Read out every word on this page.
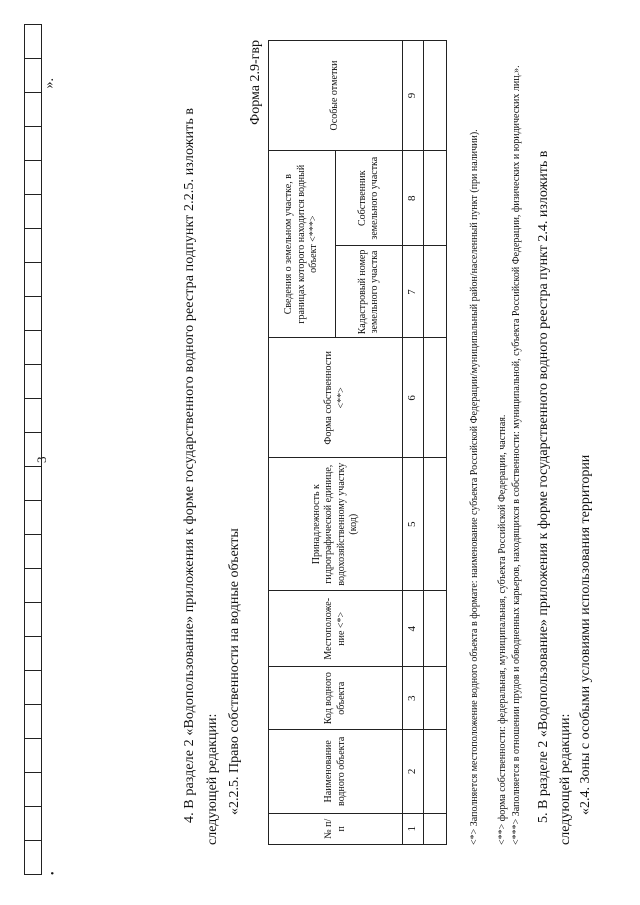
3
•

».
4. В разделе 2 «Водопользование» приложения к форме государственного водного реестра подпункт 2.2.5. изложить в следующей редакции: «2.2.5. Право собственности на водные объекты
Форма 2.9-гвр
№ п/п	Наименование водного объекта	Код водного объекта	Местоположе-ние <*>	Принадлежность к гидрографической единице, водохозяйственному участку (код)	Форма собственности <**>	Сведения о земельном участке, в границах которого находится водный объект <***>		Особые отметки
						Кадастровый номер земельного участка	Собственник земельного участка	
1	2	3	4	5	6	7	8	9

<*> Заполняется местоположение водного объекта в формате: наименование субъекта Российской Федерации/муниципальный район/населенный пункт (при наличии). <**> форма собственности: федеральная, муниципальная, субъекта Российской Федерации, частная. <***> Заполняется в отношении прудов и обводненных карьеров, находящихся в собственности: муниципальной, субъекта Российской Федерации, физических и юридических лиц.». 5. В разделе 2 «Водопользование» приложения к форме государственного водного реестра пункт 2.4. изложить в следующей редакции: «2.4. Зоны с особыми условиями использования территории
